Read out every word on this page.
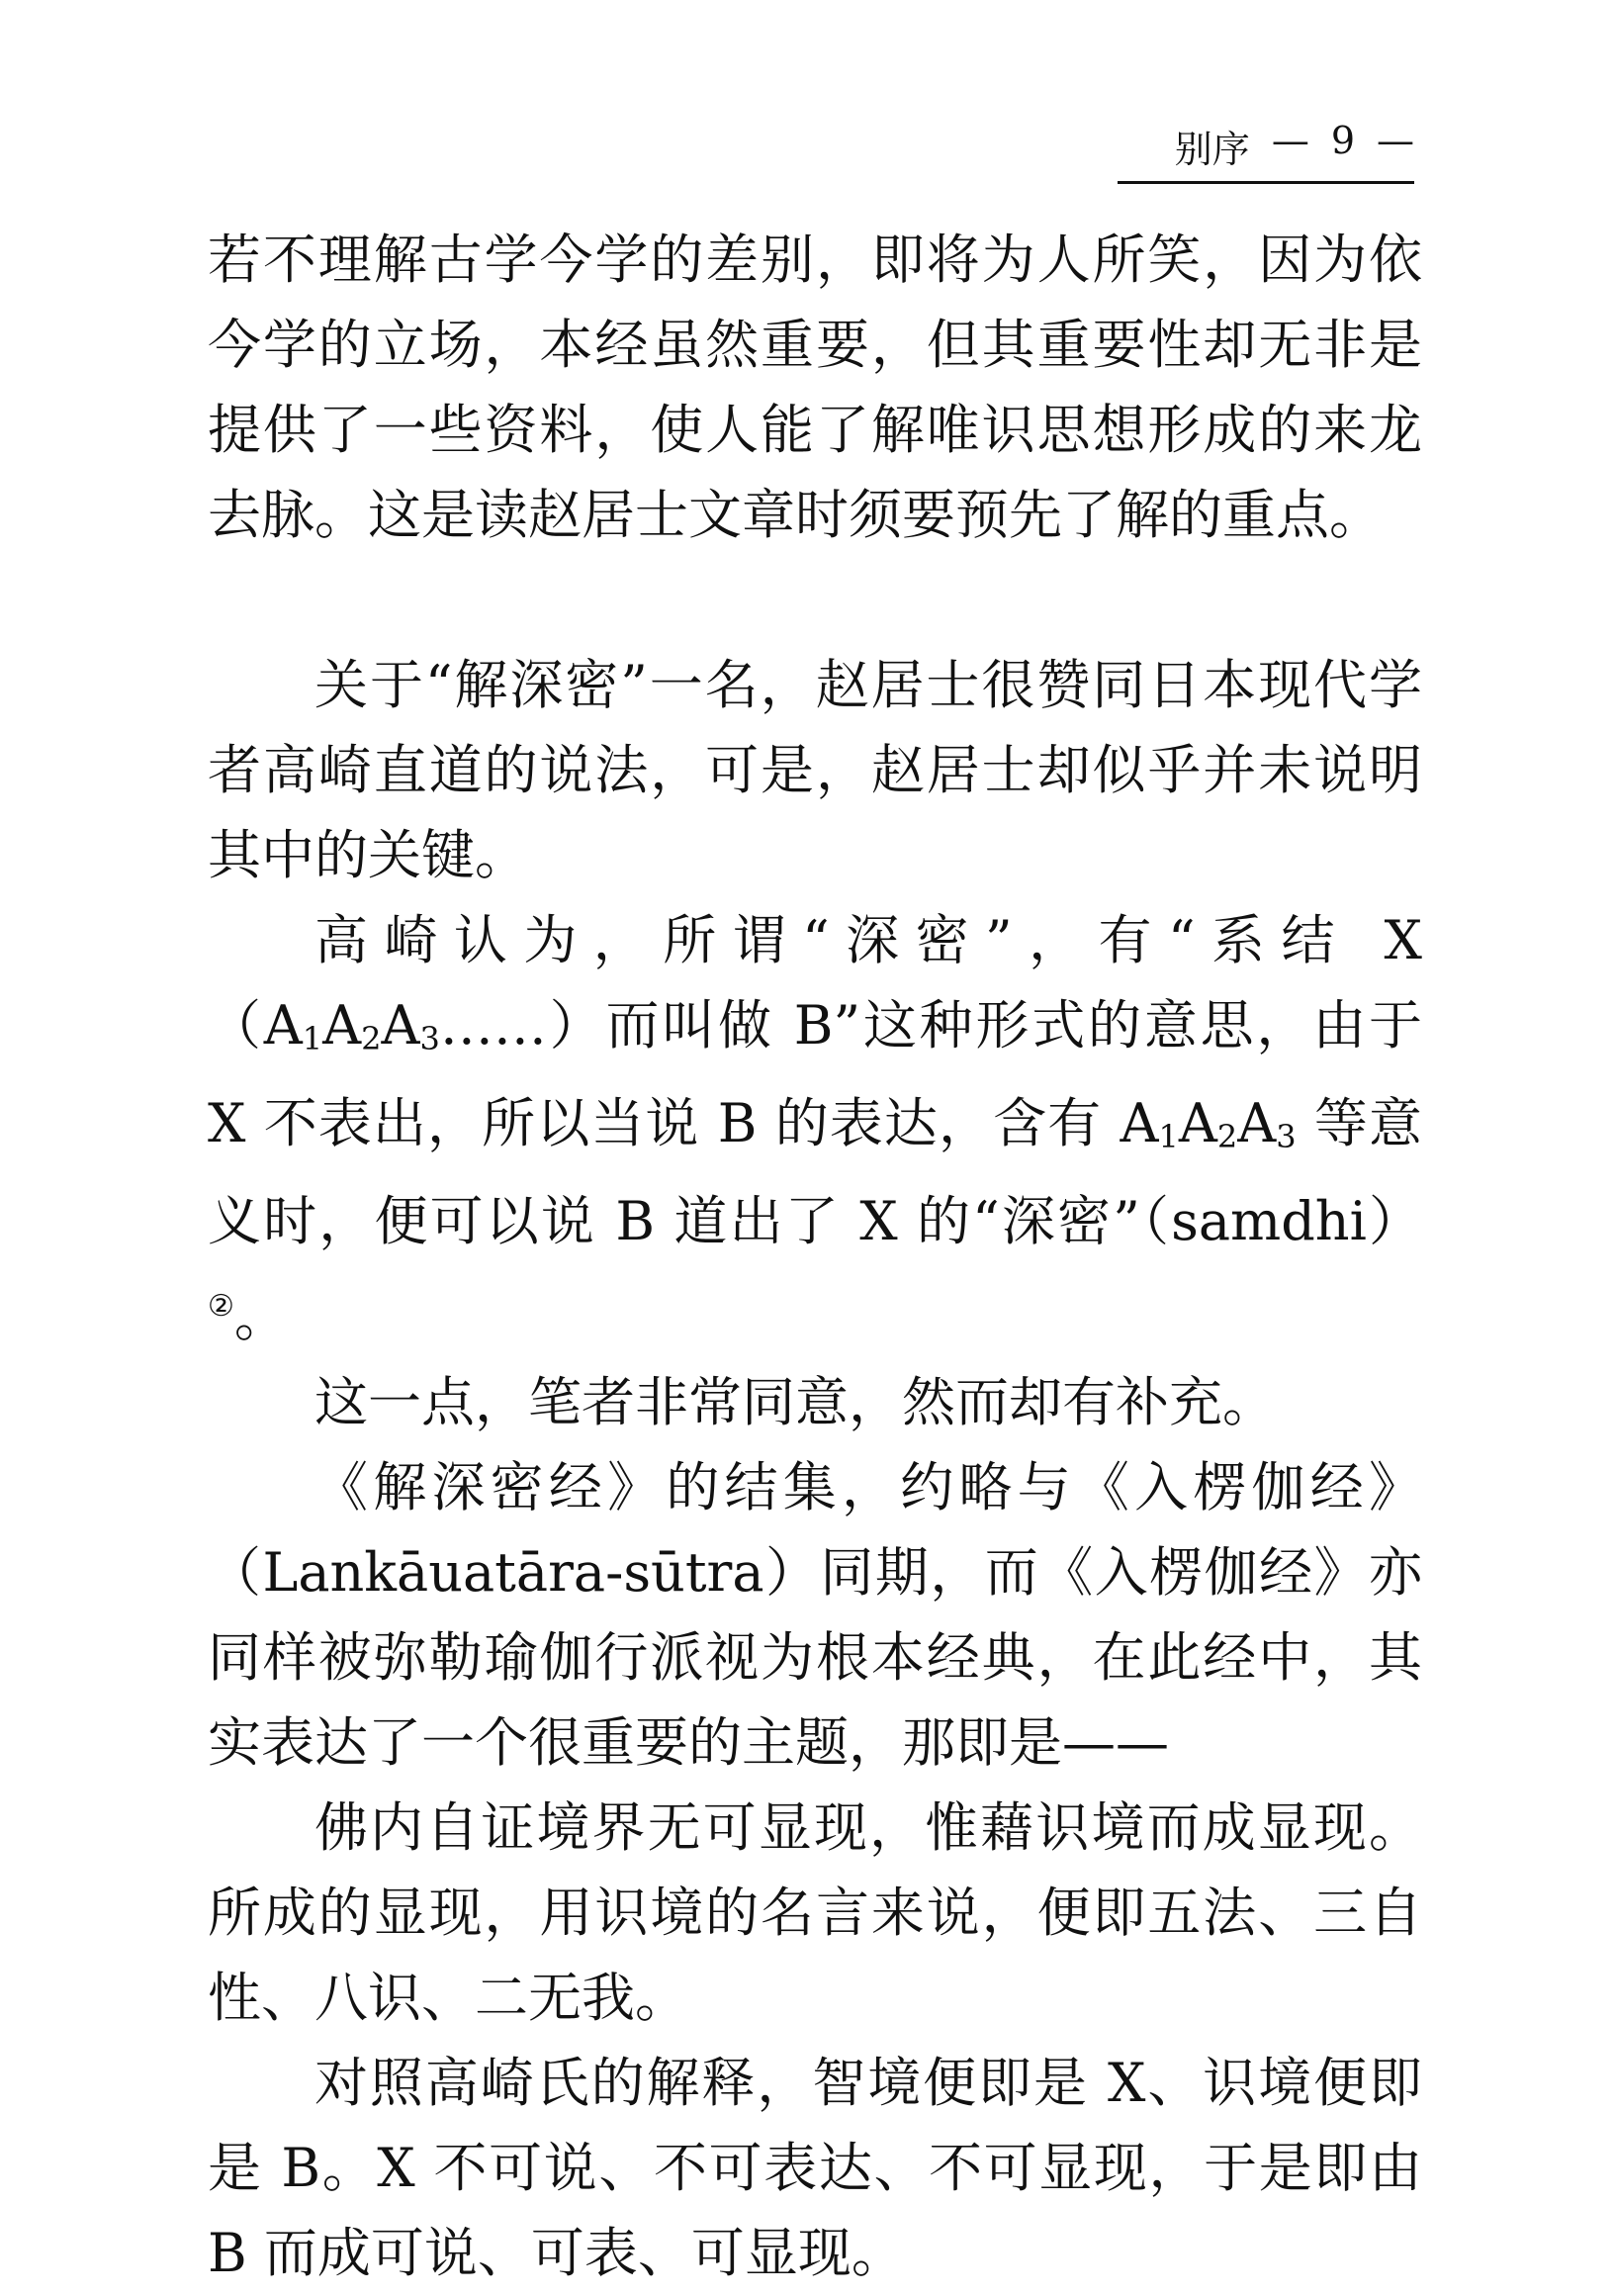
别序 — 9 —

若不理解古学今学的差别，即将为人所笑，因为依今学的立场，本经虽然重要，但其重要性却无非是提供了一些资料，使人能了解唯识思想形成的来龙去脉。这是读赵居士文章时须要预先了解的重点。

关于“解深密”一名，赵居士很赞同日本现代学者高崎直道的说法，可是，赵居士却似乎并未说明其中的关键。

高崎认为，所谓“深密”，有“系结 X（A1A2A3……）而叫做 B”这种形式的意思，由于 X 不表出，所以当说 B 的表达，含有 A1A2A3 等意义时，便可以说 B 道出了 X 的“深密”（samdhi）②。

这一点，笔者非常同意，然而却有补充。

《解深密经》的结集，约略与《入楞伽经》（Lankāuatāra-sūtra）同期，而《入楞伽经》亦同样被弥勒瑜伽行派视为根本经典，在此经中，其实表达了一个很重要的主题，那即是——

佛内自证境界无可显现，惟藉识境而成显现。所成的显现，用识境的名言来说，便即五法、三自性、八识、二无我。

对照高崎氏的解释，智境便即是 X、识境便即是 B。X 不可说、不可表达、不可显现，于是即由 B 而成可说、可表、可显现。
